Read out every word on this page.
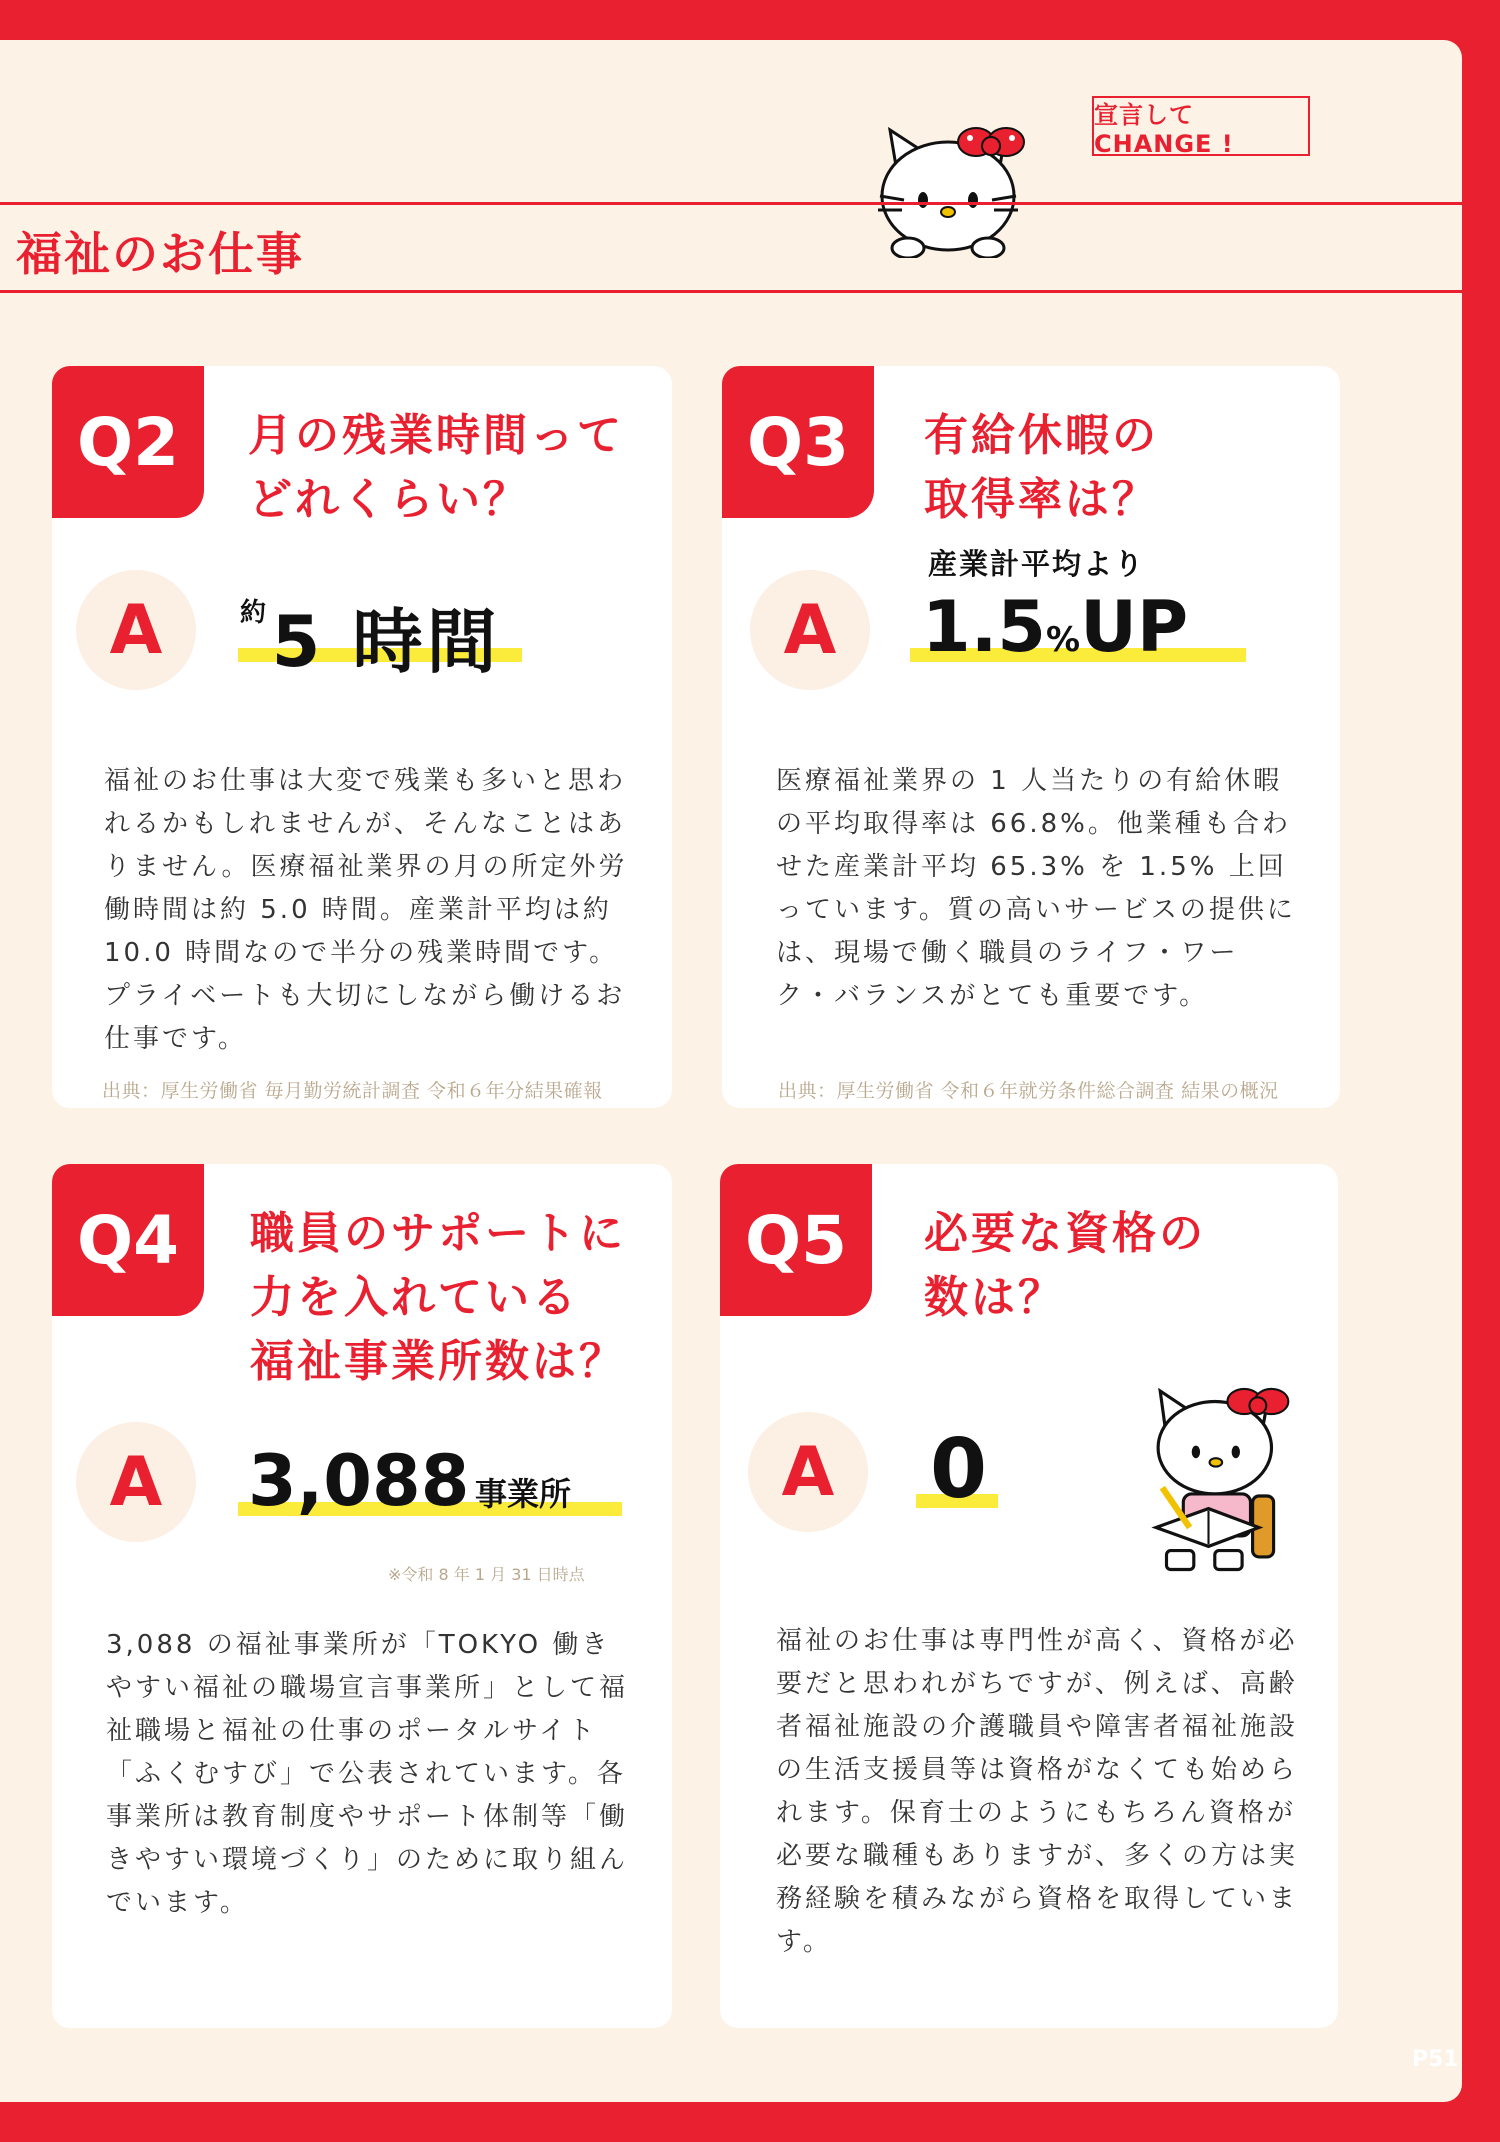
宣言して CHANGE !
福祉のお仕事
Q2	月の残業時間って
どれくらい？
A	約 5 時間
福祉のお仕事は大変で残業も多いと思われるかもしれませんが、そんなことはありません。医療福祉業界の月の所定外労働時間は約 5.0 時間。産業計平均は約 10.0 時間なので半分の残業時間です。プライベートも大切にしながら働けるお仕事です。
出典：厚生労働省 毎月勤労統計調査 令和６年分結果確報
Q3	有給休暇の
取得率は？
A
産業計平均より
1.5%UP
医療福祉業界の 1 人当たりの有給休暇の平均取得率は 66.8%。他業種も合わせた産業計平均 65.3% を 1.5% 上回っています。質の高いサービスの提供には、現場で働く職員のライフ・ワーク・バランスがとても重要です。
出典：厚生労働省 令和６年就労条件総合調査 結果の概況
Q4	職員のサポートに
力を入れている
福祉事業所数は？
A	3,088 事業所
※令和 8 年 1 月 31 日時点
3,088 の福祉事業所が「TOKYO 働きやすい福祉の職場宣言事業所」として福祉職場と福祉の仕事のポータルサイト「ふくむすび」で公表されています。各事業所は教育制度やサポート体制等「働きやすい環境づくり」のために取り組んでいます。
Q5	必要な資格の
数は？
A	0
福祉のお仕事は専門性が高く、資格が必要だと思われがちですが、例えば、高齢者福祉施設の介護職員や障害者福祉施設の生活支援員等は資格がなくても始められます。保育士のようにもちろん資格が必要な職種もありますが、多くの方は実務経験を積みながら資格を取得しています。
P51
